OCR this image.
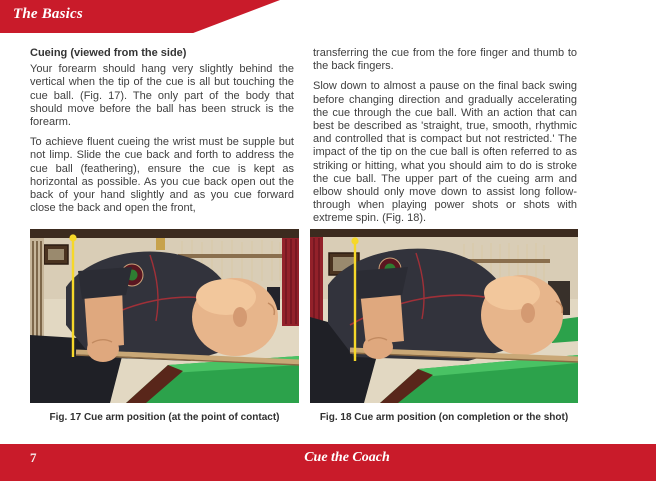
The Basics
Cueing (viewed from the side)

Your forearm should hang very slightly behind the vertical when the tip of the cue is all but touching the cue ball. (Fig. 17). The only part of the body that should move before the ball has been struck is the forearm.

To achieve fluent cueing the wrist must be supple but not limp. Slide the cue back and forth to address the cue ball (feathering), ensure the cue is kept as horizontal as possible. As you cue back open out the back of your hand slightly and as you cue forward close the back and open the front,

transferring the cue from the fore finger and thumb to the back fingers.

Slow down to almost a pause on the final back swing before changing direction and gradually accelerating the cue through the cue ball. With an action that can best be described as 'straight, true, smooth, rhythmic and controlled that is compact but not restricted.' The impact of the tip on the cue ball is often referred to as striking or hitting, what you should aim to do is stroke the cue ball. The upper part of the cueing arm and elbow should only move down to assist long follow-through when playing power shots or shots with extreme spin. (Fig. 18).

Fig. 17 Cue arm position (at the point of contact)	Fig. 18 Cue arm position (on completion or the shot)
7	Cue the Coach
